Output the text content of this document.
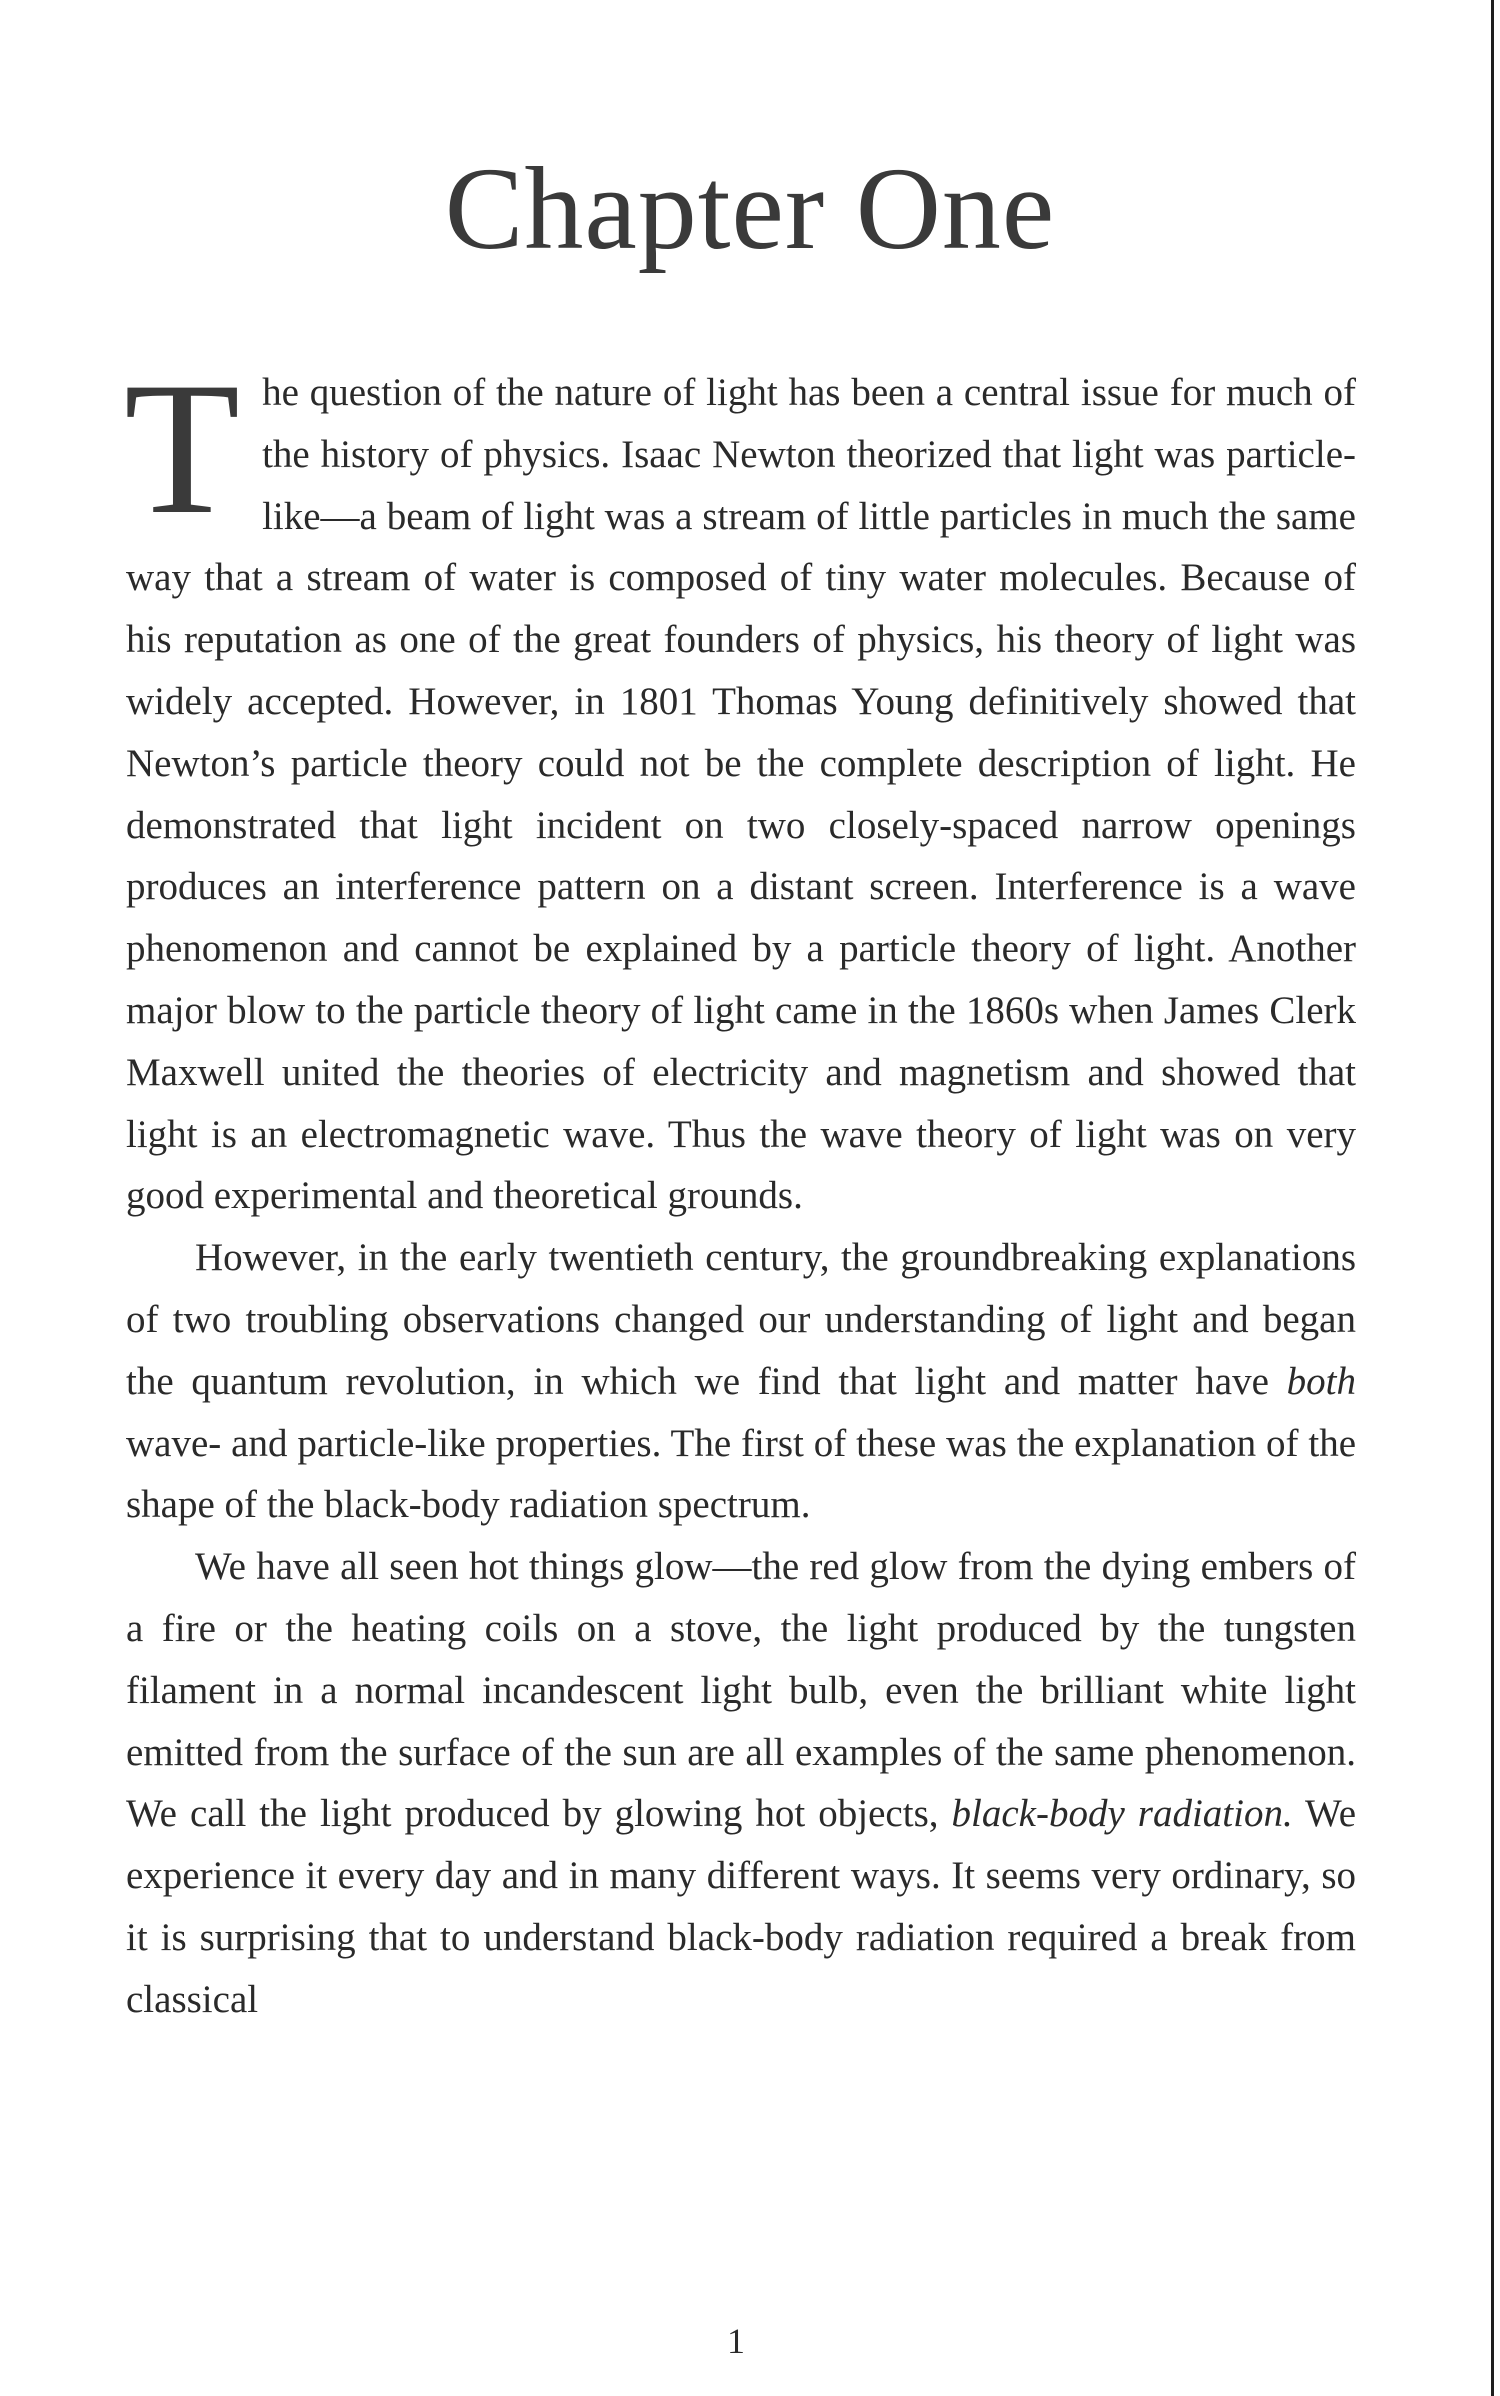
Chapter One

The question of the nature of light has been a central issue for much of the history of physics. Isaac Newton theorized that light was particle-like—a beam of light was a stream of little particles in much the same way that a stream of water is composed of tiny water molecules. Because of his reputation as one of the great founders of physics, his theory of light was widely accepted. However, in 1801 Thomas Young definitively showed that Newton’s particle theory could not be the complete description of light. He demonstrated that light incident on two closely-spaced narrow openings produces an interference pattern on a distant screen. Interference is a wave phenomenon and cannot be explained by a particle theory of light. Another major blow to the particle theory of light came in the 1860s when James Clerk Maxwell united the theories of electricity and magnetism and showed that light is an electromagnetic wave. Thus the wave theory of light was on very good experimental and theoretical grounds.

However, in the early twentieth century, the groundbreaking explanations of two troubling observations changed our understanding of light and began the quantum revolution, in which we find that light and matter have both wave- and particle-like properties. The first of these was the explanation of the shape of the black-body radiation spectrum.

We have all seen hot things glow—the red glow from the dying embers of a fire or the heating coils on a stove, the light produced by the tungsten filament in a normal incandescent light bulb, even the brilliant white light emitted from the surface of the sun are all examples of the same phenomenon. We call the light produced by glowing hot objects, black-body radiation. We experience it every day and in many different ways. It seems very ordinary, so it is surprising that to understand black-body radiation required a break from classical

1
